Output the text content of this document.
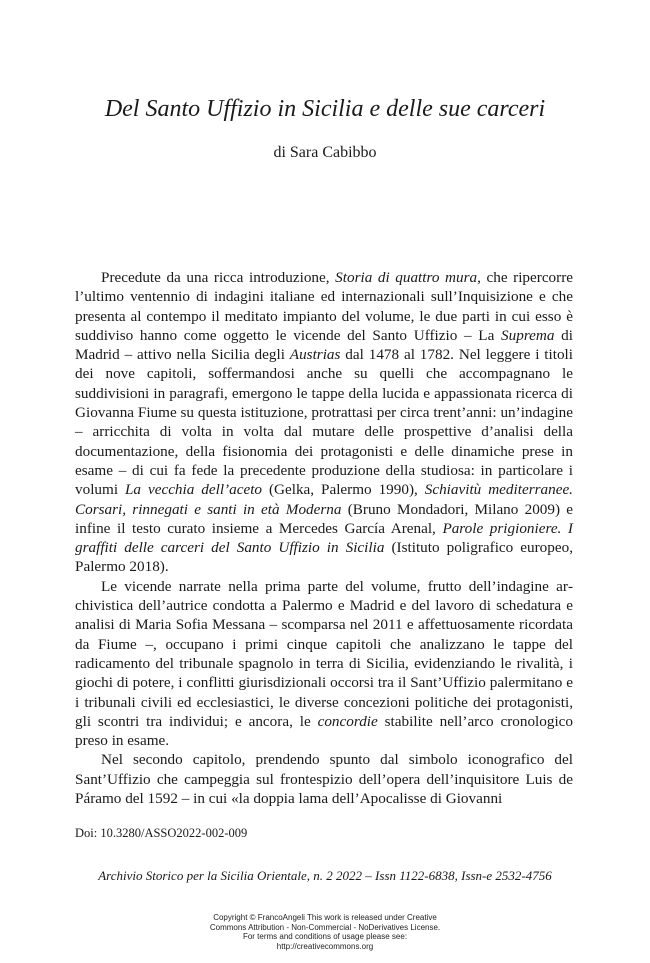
Del Santo Uffizio in Sicilia e delle sue carceri
di Sara Cabibbo

Precedute da una ricca introduzione, Storia di quattro mura, che ripercorre l’ultimo ventennio di indagini italiane ed internazionali sull’Inquisizione e che presenta al contempo il meditato impianto del volume, le due parti in cui esso è suddiviso hanno come oggetto le vicende del Santo Uffizio – La Suprema di Madrid – attivo nella Sicilia degli Austrias dal 1478 al 1782. Nel leggere i titoli dei nove capitoli, soffermandosi anche su quelli che accompagnano le suddivisioni in paragrafi, emergono le tappe della lucida e appassionata ricerca di Giovanna Fiume su questa istituzione, protrattasi per circa trent’anni: un’indagine – arricchita di volta in volta dal mutare delle prospettive d’analisi della documentazione, della fisionomia dei protagonisti e delle dinamiche prese in esame – di cui fa fede la precedente produzione della studiosa: in particolare i volumi La vecchia dell’aceto (Gelka, Palermo 1990), Schiavitù mediterranee. Corsari, rinnegati e santi in età Moderna (Bruno Mondadori, Milano 2009) e infine il testo curato insieme a Mercedes García Arenal, Parole prigioniere. I graffiti delle carceri del Santo Uffizio in Sicilia (Istituto poligrafico europeo, Palermo 2018).

Le vicende narrate nella prima parte del volume, frutto dell’indagine archivistica dell’autrice condotta a Palermo e Madrid e del lavoro di schedatura e analisi di Maria Sofia Messana – scomparsa nel 2011 e affettuosamente ricordata da Fiume –, occupano i primi cinque capitoli che analizzano le tappe del radicamento del tribunale spagnolo in terra di Sicilia, evidenziando le rivalità, i giochi di potere, i conflitti giurisdizionali occorsi tra il Sant’Uffizio palermitano e i tribunali civili ed ecclesiastici, le diverse concezioni politiche dei protagonisti, gli scontri tra individui; e ancora, le concordie stabilite nell’arco cronologico preso in esame.

Nel secondo capitolo, prendendo spunto dal simbolo iconografico del Sant’Uffizio che campeggia sul frontespizio dell’opera dell’inquisitore Luis de Páramo del 1592 – in cui «la doppia lama dell’Apocalisse di Giovanni

Doi: 10.3280/ASSO2022-002-009
Archivio Storico per la Sicilia Orientale, n. 2 2022 – Issn 1122-6838, Issn-e 2532-4756
Copyright © FrancoAngeli This work is released under Creative
Commons Attribution - Non-Commercial - NoDerivatives License.
For terms and conditions of usage please see:
http://creativecommons.org
